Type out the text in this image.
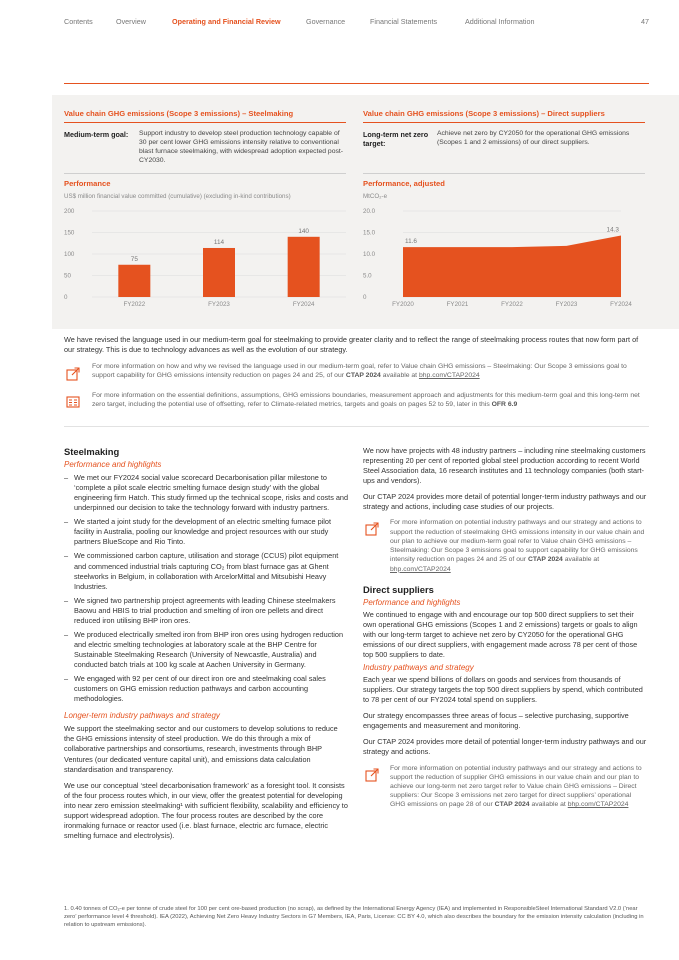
Contents	Overview	Operating and Financial Review	Governance	Financial Statements	Additional Information	47
Value chain GHG emissions (Scope 3 emissions) – Steelmaking
Medium-term goal:	Support industry to develop steel production technology capable of 30 per cent lower GHG emissions intensity relative to conventional blast furnace steelmaking, with widespread adoption expected post-CY2030.
Performance
US$ million financial value committed (cumulative) (excluding in-kind contributions)
200
150
100
50
0
75
FY2022
114
FY2023
140
FY2024
Value chain GHG emissions (Scope 3 emissions) – Direct suppliers
Long-term net zero target:
Achieve net zero by CY2050 for the operational GHG emissions (Scopes 1 and 2 emissions) of our direct suppliers.
Performance, adjusted
MtCO₂-e
20.0
15.0
10.0
5.0
0
FY2020	FY2021	FY2022	FY2023	FY2024
11.6
14.3
We have revised the language used in our medium-term goal for steelmaking to provide greater clarity and to reflect the range of steelmaking process routes that now form part of our strategy. This is due to technology advances as well as the evolution of our strategy.
For more information on how and why we revised the language used in our medium-term goal, refer to Value chain GHG emissions – Steelmaking: Our Scope 3 emissions goal to support capability for GHG emissions intensity reduction on pages 24 and 25, of our CTAP 2024 available at bhp.com/CTAP2024
For more information on the essential definitions, assumptions, GHG emissions boundaries, measurement approach and adjustments for this medium-term goal and this long-term net zero target, including the potential use of offsetting, refer to Climate-related metrics, targets and goals on pages 52 to 59, later in this OFR 6.9
Steelmaking
Performance and highlights
– We met our FY2024 social value scorecard Decarbonisation pillar milestone to ‘complete a pilot scale electric smelting furnace design study’ with the global engineering firm Hatch. This study firmed up the technical scope, risks and costs and underpinned our decision to take the technology forward with industry partners.
– We started a joint study for the development of an electric smelting furnace pilot facility in Australia, pooling our knowledge and project resources with our study partners BlueScope and Rio Tinto.
– We commissioned carbon capture, utilisation and storage (CCUS) pilot equipment and commenced industrial trials capturing CO₂ from blast furnace gas at Ghent steelworks in Belgium, in collaboration with ArcelorMittal and Mitsubishi Heavy Industries.
– We signed two partnership project agreements with leading Chinese steelmakers Baowu and HBIS to trial production and smelting of iron ore pellets and direct reduced iron utilising BHP iron ores.
– We produced electrically smelted iron from BHP iron ores using hydrogen reduction and electric smelting technologies at laboratory scale at the BHP Centre for Sustainable Steelmaking Research (University of Newcastle, Australia) and conducted batch trials at 100 kg scale at Aachen University in Germany.
– We engaged with 92 per cent of our direct iron ore and steelmaking coal sales customers on GHG emission reduction pathways and carbon accounting methodologies.
Longer-term industry pathways and strategy
We support the steelmaking sector and our customers to develop solutions to reduce the GHG emissions intensity of steel production. We do this through a mix of collaborative partnerships and consortiums, research, investments through BHP Ventures (our dedicated venture capital unit), and emissions data calculation standardisation and transparency.
We use our conceptual ‘steel decarbonisation framework’ as a foresight tool. It consists of the four process routes which, in our view, offer the greatest potential for developing into near zero emission steelmaking¹ with sufficient flexibility, scalability and efficiency to support widespread adoption. The four process routes are described by the core ironmaking furnace or reactor used (i.e. blast furnace, electric arc furnace, electric smelting furnace and electrolysis).
We now have projects with 48 industry partners – including nine steelmaking customers representing 20 per cent of reported global steel production according to recent World Steel Association data, 16 research institutes and 11 technology companies (both start-ups and vendors).
Our CTAP 2024 provides more detail of potential longer-term industry pathways and our strategy and actions, including case studies of our projects.
For more information on potential industry pathways and our strategy and actions to support the reduction of steelmaking GHG emissions intensity in our value chain and our plan to achieve our medium-term goal refer to Value chain GHG emissions – Steelmaking: Our Scope 3 emissions goal to support capability for GHG emissions intensity reduction on pages 24 and 25 of our CTAP 2024 available at bhp.com/CTAP2024
Direct suppliers
Performance and highlights
We continued to engage with and encourage our top 500 direct suppliers to set their own operational GHG emissions (Scopes 1 and 2 emissions) targets or goals to align with our long-term target to achieve net zero by CY2050 for the operational GHG emissions of our direct suppliers, with engagement made across 78 per cent of those top 500 suppliers to date.
Industry pathways and strategy
Each year we spend billions of dollars on goods and services from thousands of suppliers. Our strategy targets the top 500 direct suppliers by spend, which contributed to 78 per cent of our FY2024 total spend on suppliers.
Our strategy encompasses three areas of focus – selective purchasing, supportive engagements and measurement and monitoring.
Our CTAP 2024 provides more detail of potential longer-term industry pathways and our strategy and actions.
For more information on potential industry pathways and our strategy and actions to support the reduction of supplier GHG emissions in our value chain and our plan to achieve our long-term net zero target refer to Value chain GHG emissions – Direct suppliers: Our Scope 3 emissions net zero target for direct suppliers’ operational GHG emissions on page 28 of our CTAP 2024 available at bhp.com/CTAP2024
1. 0.40 tonnes of CO₂-e per tonne of crude steel for 100 per cent ore-based production (no scrap), as defined by the International Energy Agency (IEA) and implemented in ResponsibleSteel International Standard V2.0 (‘near zero’ performance level 4 threshold). IEA (2022), Achieving Net Zero Heavy Industry Sectors in G7 Members, IEA, Paris, License: CC BY 4.0, which also describes the boundary for the emission intensity calculation (including in relation to upstream emissions).
